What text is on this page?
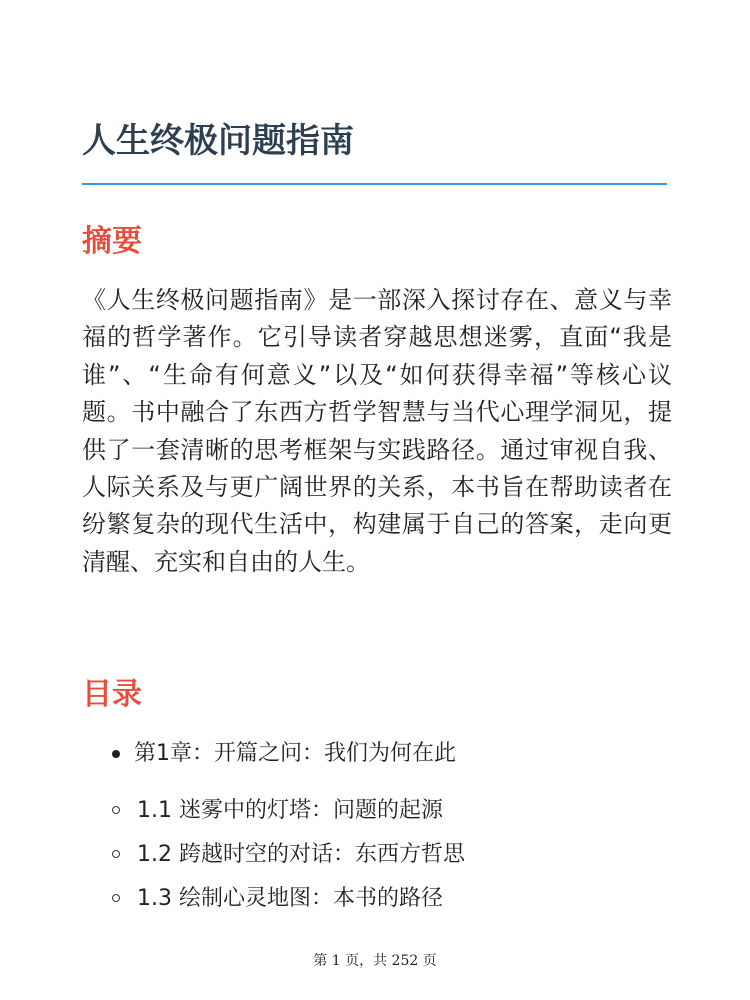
人生终极问题指南
摘要

《人生终极问题指南》是一部深入探讨存在、意义与幸福的哲学著作。它引导读者穿越思想迷雾，直面“我是谁”、“生命有何意义”以及“如何获得幸福”等核心议题。书中融合了东西方哲学智慧与当代心理学洞见，提供了一套清晰的思考框架与实践路径。通过审视自我、人际关系及与更广阔世界的关系，本书旨在帮助读者在纷繁复杂的现代生活中，构建属于自己的答案，走向更清醒、充实和自由的人生。

目录
第1章：开篇之问：我们为何在此
1.1 迷雾中的灯塔：问题的起源
1.2 跨越时空的对话：东西方哲思
1.3 绘制心灵地图：本书的路径
第 1 页，共 252 页
